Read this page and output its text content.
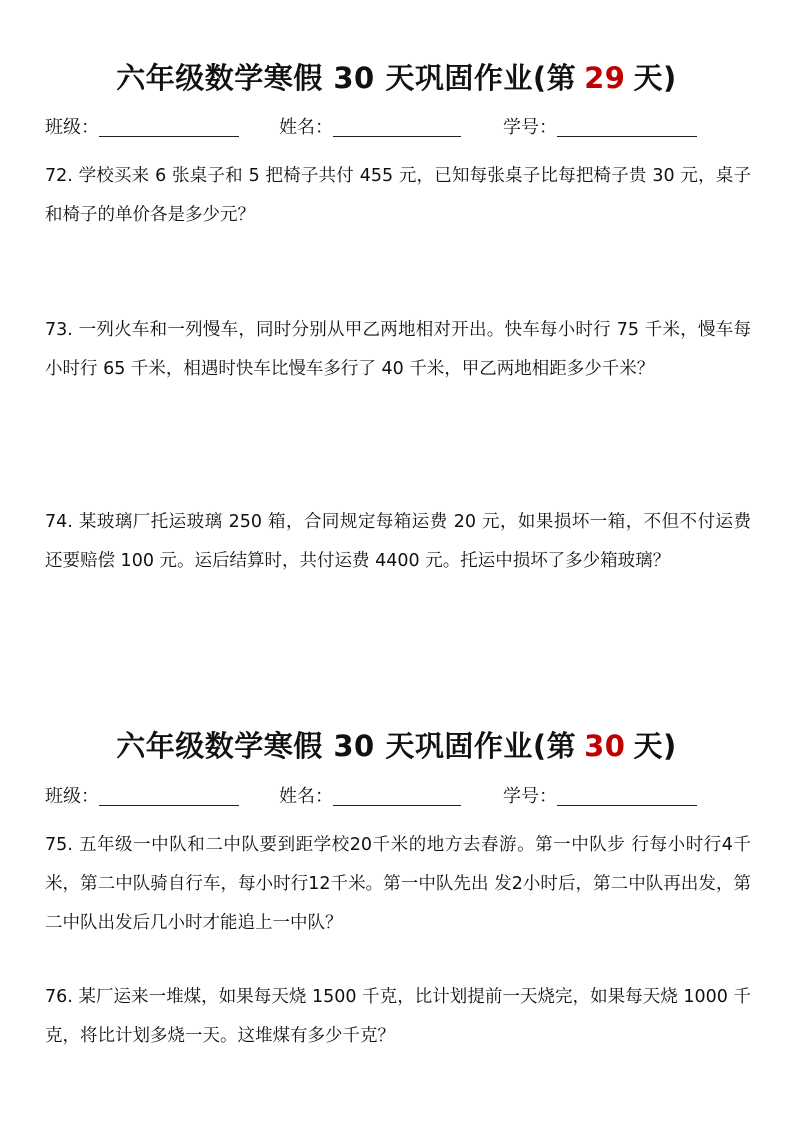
六年级数学寒假 30 天巩固作业(第 29 天)
班级：	姓名：	学号：
72. 学校买来 6 张桌子和 5 把椅子共付 455 元，已知每张桌子比每把椅子贵 30 元，桌子和椅子的单价各是多少元？
73. 一列火车和一列慢车，同时分别从甲乙两地相对开出。快车每小时行 75 千米，慢车每小时行 65 千米，相遇时快车比慢车多行了 40 千米，甲乙两地相距多少千米？
74. 某玻璃厂托运玻璃 250 箱，合同规定每箱运费 20 元，如果损坏一箱，不但不付运费还要赔偿 100 元。运后结算时，共付运费 4400 元。托运中损坏了多少箱玻璃？
六年级数学寒假 30 天巩固作业(第 30 天)
班级：	姓名：	学号：
75. 五年级一中队和二中队要到距学校20千米的地方去春游。第一中队步 行每小时行4千米，第二中队骑自行车，每小时行12千米。第一中队先出 发2小时后，第二中队再出发，第二中队出发后几小时才能追上一中队？
76. 某厂运来一堆煤，如果每天烧 1500 千克，比计划提前一天烧完，如果每天烧 1000 千克，将比计划多烧一天。这堆煤有多少千克？
